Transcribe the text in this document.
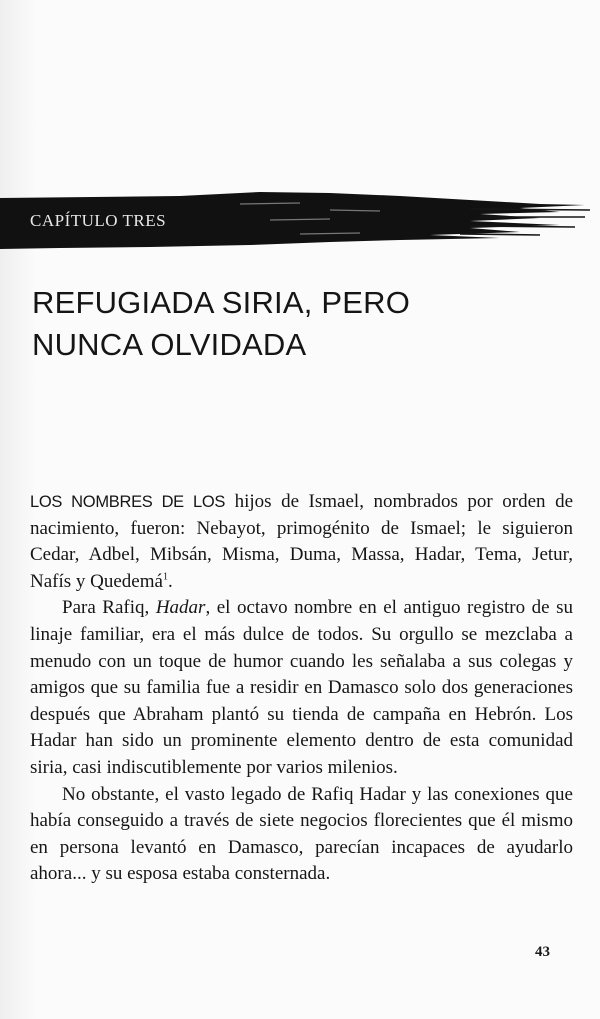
CAPÍTULO TRES
REFUGIADA SIRIA, PERO
NUNCA OLVIDADA

LOS NOMBRES DE LOS hijos de Ismael, nombrados por orden de nacimiento, fueron: Nebayot, primogénito de Ismael; le siguieron Cedar, Adbel, Mibsán, Misma, Duma, Massa, Hadar, Tema, Jetur, Nafís y Quedemá$^1$.

Para Rafiq, Hadar, el octavo nombre en el antiguo registro de su linaje familiar, era el más dulce de todos. Su orgullo se mezclaba a menudo con un toque de humor cuando les señalaba a sus colegas y amigos que su familia fue a residir en Damasco solo dos generaciones después que Abraham plantó su tienda de campaña en Hebrón. Los Hadar han sido un prominente elemento dentro de esta comunidad siria, casi indiscutiblemente por varios milenios.

No obstante, el vasto legado de Rafiq Hadar y las conexiones que había conseguido a través de siete negocios florecientes que él mismo en persona levantó en Damasco, parecían incapaces de ayudarlo ahora... y su esposa estaba consternada.

43
